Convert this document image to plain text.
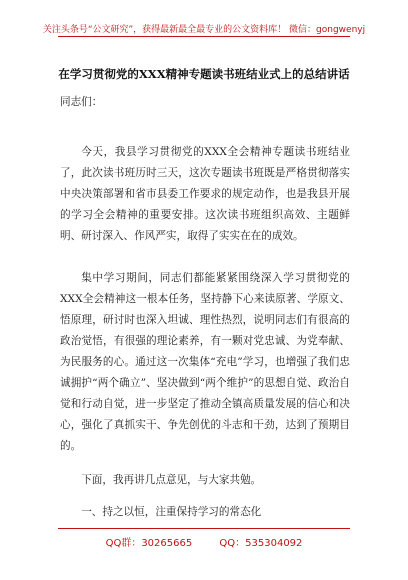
关注头条号“公文研究”，获得最新最全最专业的公文资料库！ 微信：gongwenyj
在学习贯彻党的XXX精神专题读书班结业式上的总结讲话
同志们：
今天，我县学习贯彻党的XXX全会精神专题读书班结业了，此次读书班历时三天，这次专题读书班既是严格贯彻落实中央决策部署和省市县委工作要求的规定动作，也是我县开展的学习全会精神的重要安排。这次读书班组织高效、主题鲜明、研讨深入、作风严实，取得了实实在在的成效。
集中学习期间，同志们都能紧紧围绕深入学习贯彻党的XXX全会精神这一根本任务，坚持静下心来读原著、学原文、悟原理，研讨时也深入坦诚、理性热烈，说明同志们有很高的政治觉悟，有很强的理论素养，有一颗对党忠诚、为党奉献、为民服务的心。通过这一次集体“充电”学习，也增强了我们忠诚拥护“两个确立”、坚决做到“两个维护”的思想自觉、政治自觉和行动自觉，进一步坚定了推动全镇高质量发展的信心和决心，强化了真抓实干、争先创优的斗志和干劲，达到了预期目的。
下面，我再讲几点意见，与大家共勉。
一、持之以恒，注重保持学习的常态化
QQ群：30265665	QQ：535304092
